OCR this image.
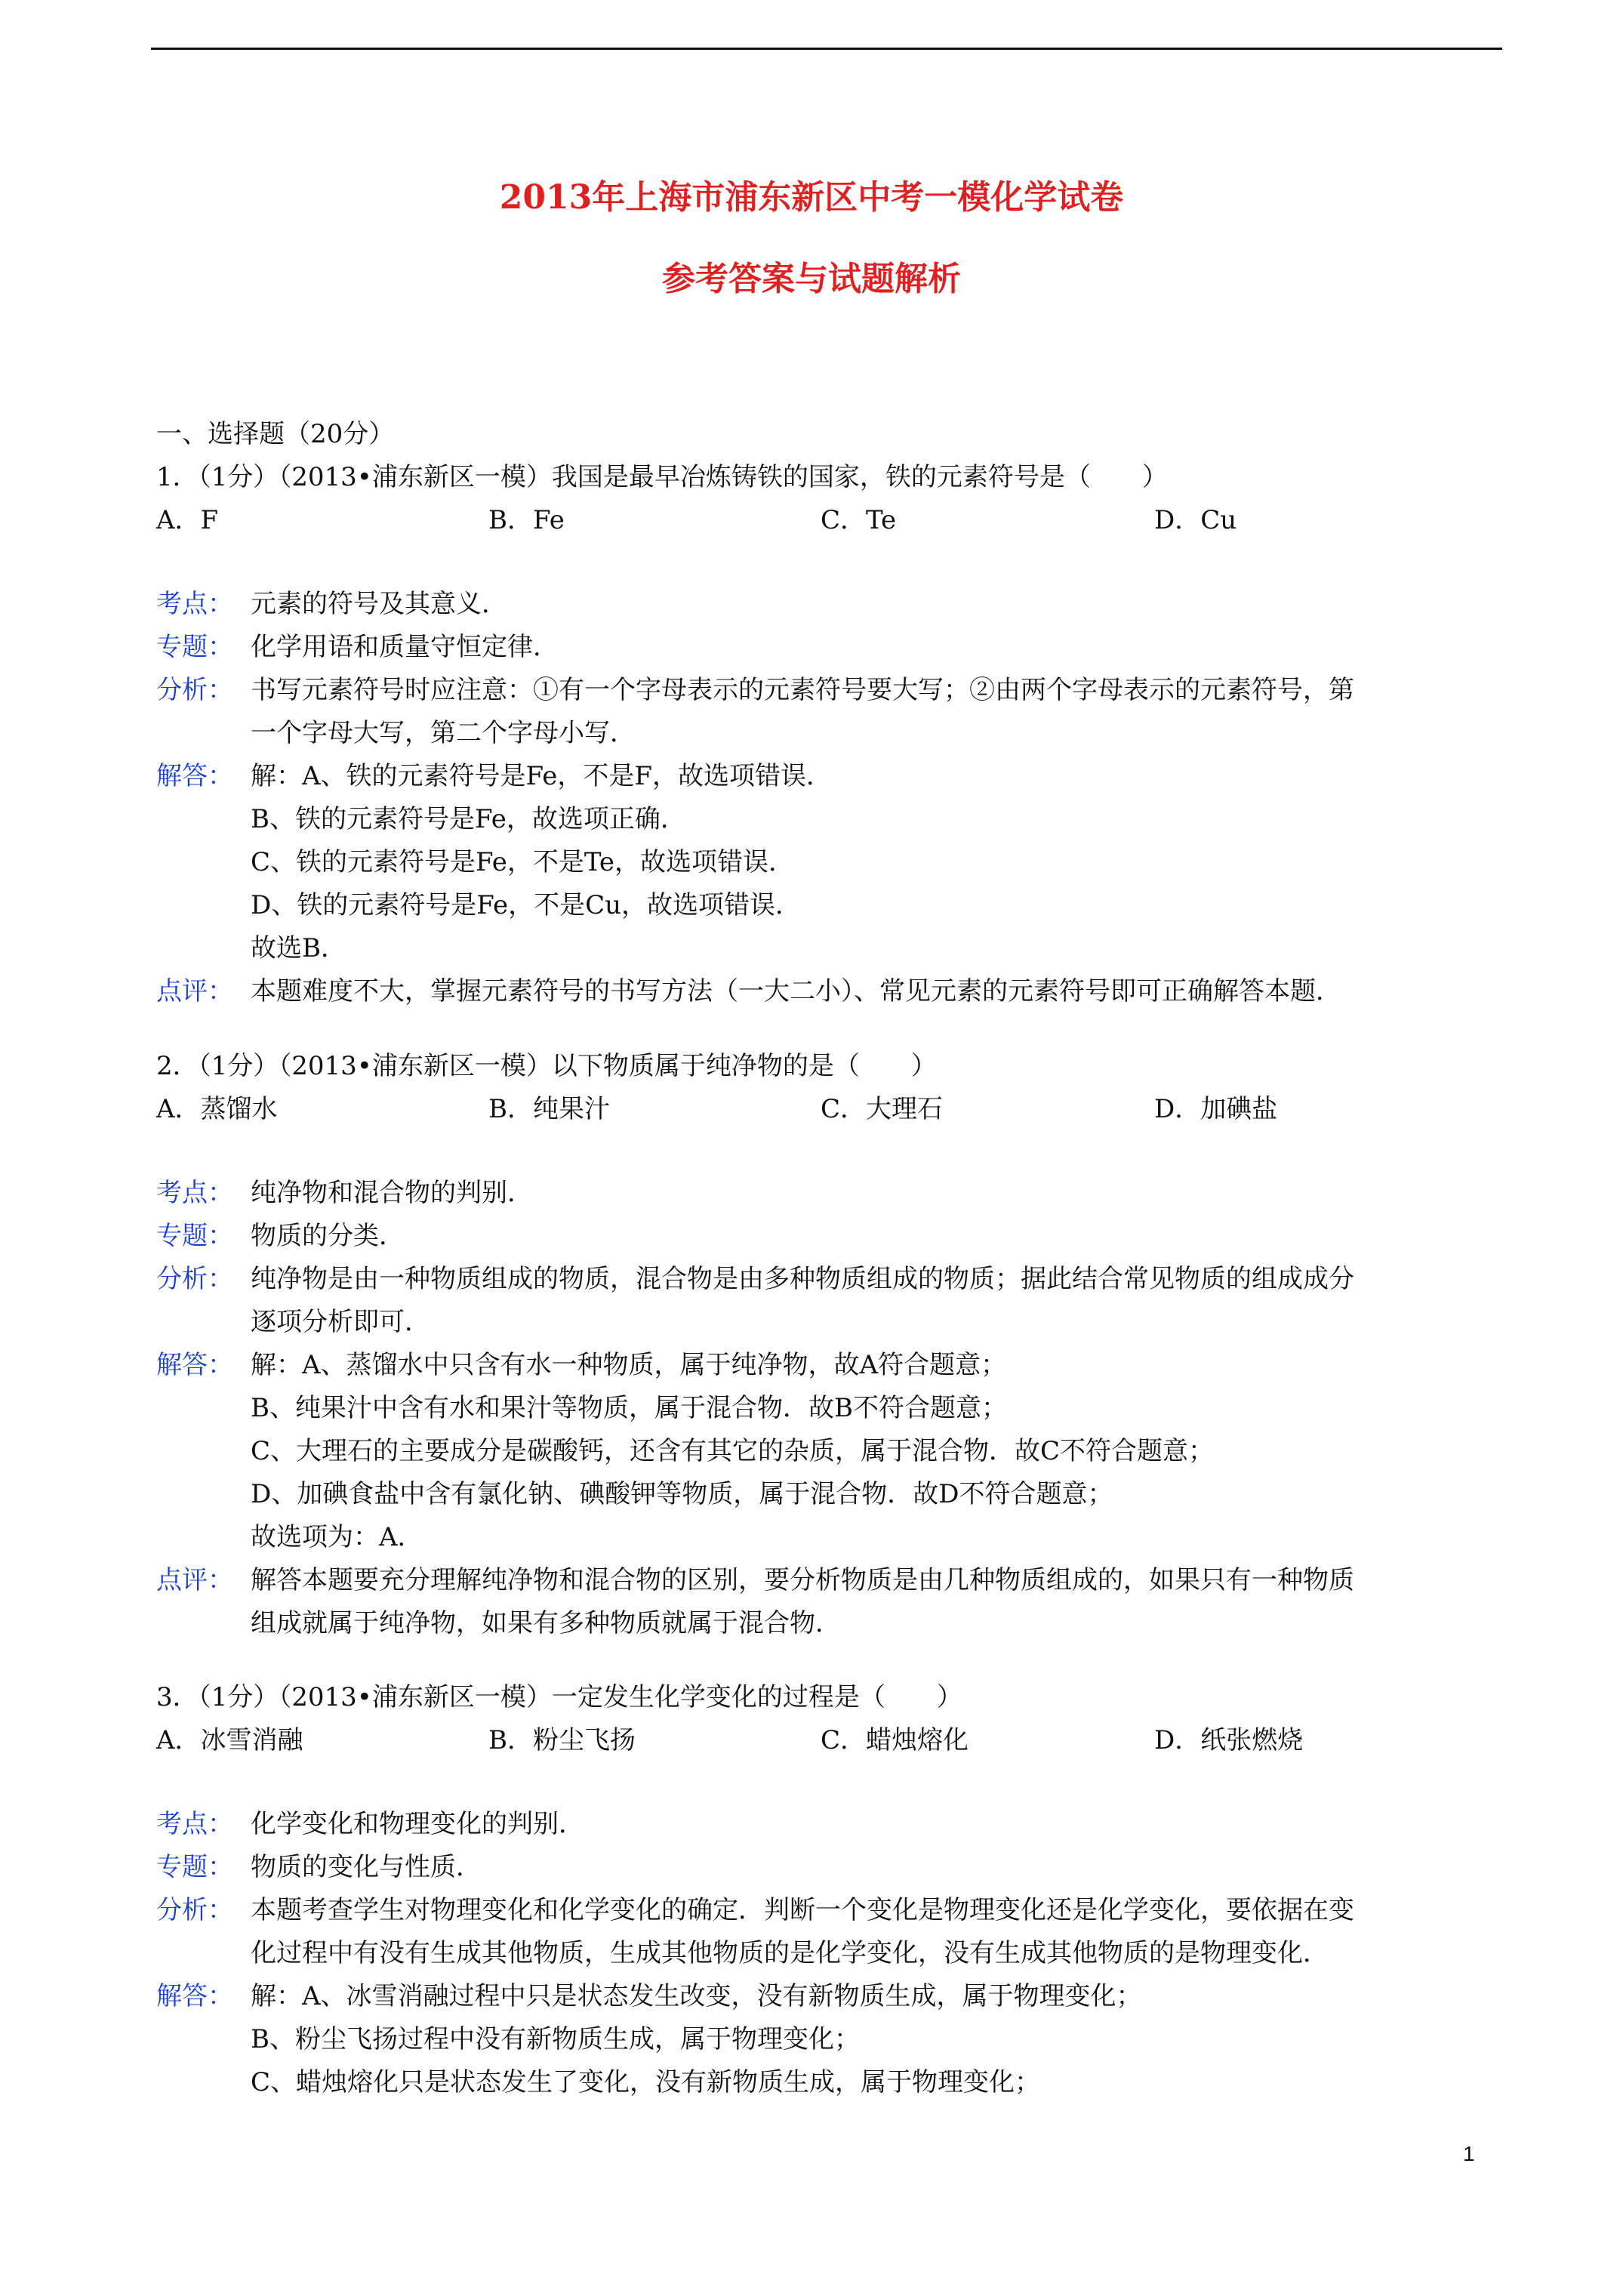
2013年上海市浦东新区中考一模化学试卷
参考答案与试题解析
一、选择题（20分）
1．（1分）（2013•浦东新区一模）我国是最早冶炼铸铁的国家，铁的元素符号是（　　）
A．F	B．Fe	C．Te	D．Cu
考点： 元素的符号及其意义．
专题： 化学用语和质量守恒定律．
分析： 书写元素符号时应注意：①有一个字母表示的元素符号要大写；②由两个字母表示的元素符号，第
一个字母大写，第二个字母小写．
解答： 解：A、铁的元素符号是Fe，不是F，故选项错误．
B、铁的元素符号是Fe，故选项正确．
C、铁的元素符号是Fe，不是Te，故选项错误．
D、铁的元素符号是Fe，不是Cu，故选项错误．
故选B．
点评： 本题难度不大，掌握元素符号的书写方法（一大二小）、常见元素的元素符号即可正确解答本题．
2．（1分）（2013•浦东新区一模）以下物质属于纯净物的是（　　）
A．蒸馏水	B．纯果汁	C．大理石	D．加碘盐
考点： 纯净物和混合物的判别．
专题： 物质的分类．
分析： 纯净物是由一种物质组成的物质，混合物是由多种物质组成的物质；据此结合常见物质的组成成分
逐项分析即可．
解答： 解：A、蒸馏水中只含有水一种物质，属于纯净物，故A符合题意；
B、纯果汁中含有水和果汁等物质，属于混合物．故B不符合题意；
C、大理石的主要成分是碳酸钙，还含有其它的杂质，属于混合物．故C不符合题意；
D、加碘食盐中含有氯化钠、碘酸钾等物质，属于混合物．故D不符合题意；
故选项为：A．
点评： 解答本题要充分理解纯净物和混合物的区别，要分析物质是由几种物质组成的，如果只有一种物质
组成就属于纯净物，如果有多种物质就属于混合物．
3．（1分）（2013•浦东新区一模）一定发生化学变化的过程是（　　）
A．冰雪消融	B．粉尘飞扬	C．蜡烛熔化	D．纸张燃烧
考点： 化学变化和物理变化的判别．
专题： 物质的变化与性质．
分析： 本题考查学生对物理变化和化学变化的确定．判断一个变化是物理变化还是化学变化，要依据在变
化过程中有没有生成其他物质，生成其他物质的是化学变化，没有生成其他物质的是物理变化．
解答： 解：A、冰雪消融过程中只是状态发生改变，没有新物质生成，属于物理变化；
B、粉尘飞扬过程中没有新物质生成，属于物理变化；
C、蜡烛熔化只是状态发生了变化，没有新物质生成，属于物理变化；
1
